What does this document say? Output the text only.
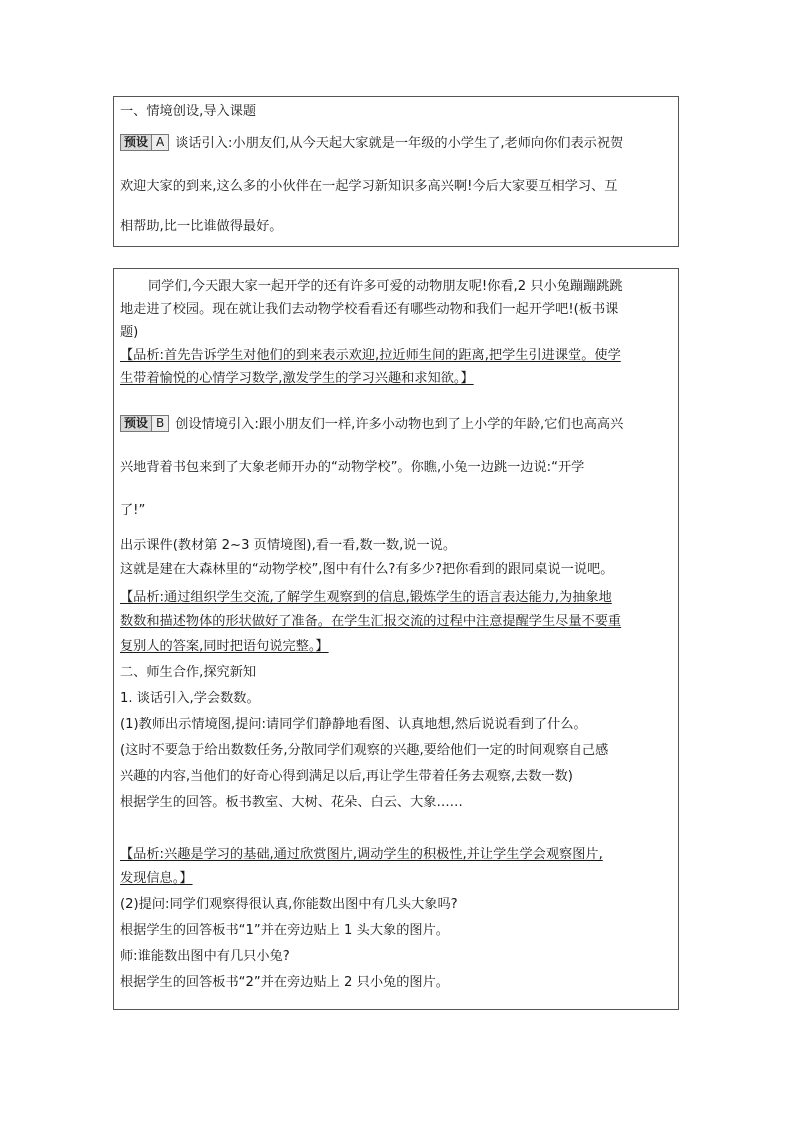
一、情境创设,导入课题
预设 A 谈话引入:小朋友们,从今天起大家就是一年级的小学生了,老师向你们表示祝贺
欢迎大家的到来,这么多的小伙伴在一起学习新知识多高兴啊!今后大家要互相学习、互
相帮助,比一比谁做得最好。
同学们,今天跟大家一起开学的还有许多可爱的动物朋友呢!你看,2 只小兔蹦蹦跳跳
地走进了校园。现在就让我们去动物学校看看还有哪些动物和我们一起开学吧!(板书课
题)
【品析:首先告诉学生对他们的到来表示欢迎,拉近师生间的距离,把学生引进课堂。使学
生带着愉悦的心情学习数学,激发学生的学习兴趣和求知欲。】
预设 B 创设情境引入:跟小朋友们一样,许多小动物也到了上小学的年龄,它们也高高兴
兴地背着书包来到了大象老师开办的“动物学校”。你瞧,小兔一边跳一边说:“开学
了!”
出示课件(教材第 2~3 页情境图),看一看,数一数,说一说。
这就是建在大森林里的“动物学校”,图中有什么?有多少?把你看到的跟同桌说一说吧。
【品析:通过组织学生交流,了解学生观察到的信息,锻炼学生的语言表达能力,为抽象地
数数和描述物体的形状做好了准备。在学生汇报交流的过程中注意提醒学生尽量不要重
复别人的答案,同时把语句说完整。】
二、师生合作,探究新知
1. 谈话引入,学会数数。
(1)教师出示情境图,提问:请同学们静静地看图、认真地想,然后说说看到了什么。
(这时不要急于给出数数任务,分散同学们观察的兴趣,要给他们一定的时间观察自己感
兴趣的内容,当他们的好奇心得到满足以后,再让学生带着任务去观察,去数一数)
根据学生的回答。板书教室、大树、花朵、白云、大象……
【品析:兴趣是学习的基础,通过欣赏图片,调动学生的积极性,并让学生学会观察图片,
发现信息。】
(2)提问:同学们观察得很认真,你能数出图中有几头大象吗?
根据学生的回答板书“1”并在旁边贴上 1 头大象的图片。
师:谁能数出图中有几只小兔?
根据学生的回答板书“2”并在旁边贴上 2 只小兔的图片。
